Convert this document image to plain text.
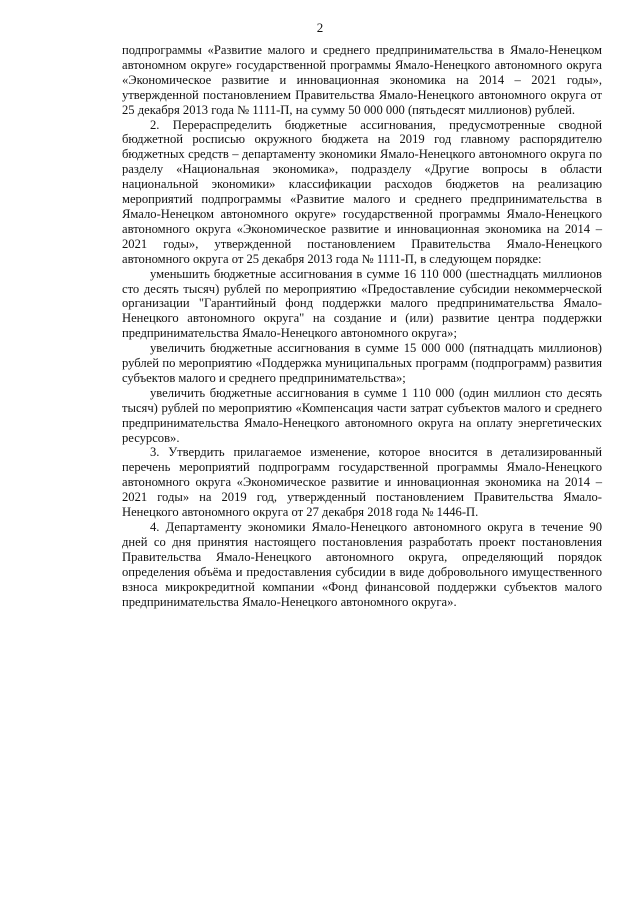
2

подпрограммы «Развитие малого и среднего предпринимательства в Ямало-Ненецком автономном округе» государственной программы Ямало-Ненецкого автономного округа «Экономическое развитие и инновационная экономика на 2014 – 2021 годы», утвержденной постановлением Правительства Ямало-Ненецкого автономного округа от 25 декабря 2013 года № 1111-П, на сумму 50 000 000 (пятьдесят миллионов) рублей.

2. Перераспределить бюджетные ассигнования, предусмотренные сводной бюджетной росписью окружного бюджета на 2019 год главному распорядителю бюджетных средств – департаменту экономики Ямало-Ненецкого автономного округа по разделу «Национальная экономика», подразделу «Другие вопросы в области национальной экономики» классификации расходов бюджетов на реализацию мероприятий подпрограммы «Развитие малого и среднего предпринимательства в Ямало-Ненецком автономного округе» государственной программы Ямало-Ненецкого автономного округа «Экономическое развитие и инновационная экономика на 2014 – 2021 годы», утвержденной постановлением Правительства Ямало-Ненецкого автономного округа от 25 декабря 2013 года № 1111-П, в следующем порядке:

уменьшить бюджетные ассигнования в сумме 16 110 000 (шестнадцать миллионов сто десять тысяч) рублей по мероприятию «Предоставление субсидии некоммерческой организации "Гарантийный фонд поддержки малого предпринимательства Ямало-Ненецкого автономного округа" на создание и (или) развитие центра поддержки предпринимательства Ямало-Ненецкого автономного округа»;

увеличить бюджетные ассигнования в сумме 15 000 000 (пятнадцать миллионов) рублей по мероприятию «Поддержка муниципальных программ (подпрограмм) развития субъектов малого и среднего предпринимательства»;

увеличить бюджетные ассигнования в сумме 1 110 000 (один миллион сто десять тысяч) рублей по мероприятию «Компенсация части затрат субъектов малого и среднего предпринимательства Ямало-Ненецкого автономного округа на оплату энергетических ресурсов».

3. Утвердить прилагаемое изменение, которое вносится в детализированный перечень мероприятий подпрограмм государственной программы Ямало-Ненецкого автономного округа «Экономическое развитие и инновационная экономика на 2014 – 2021 годы» на 2019 год, утвержденный постановлением Правительства Ямало-Ненецкого автономного округа от 27 декабря 2018 года № 1446-П.

4. Департаменту экономики Ямало-Ненецкого автономного округа в течение 90 дней со дня принятия настоящего постановления разработать проект постановления Правительства Ямало-Ненецкого автономного округа, определяющий порядок определения объёма и предоставления субсидии в виде добровольного имущественного взноса микрокредитной компании «Фонд финансовой поддержки субъектов малого предпринимательства Ямало-Ненецкого автономного округа».
